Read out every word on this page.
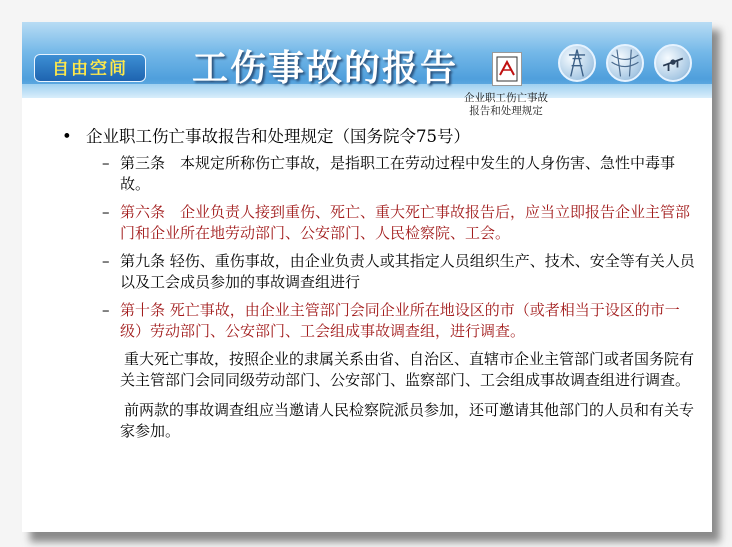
自由空间	工伤事故的报告
企业职工伤亡事故
报告和处理规定
• 企业职工伤亡事故报告和处理规定（国务院令75号）
– 第三条　本规定所称伤亡事故，是指职工在劳动过程中发生的人身伤害、急性中毒事故。
– 第六条　企业负责人接到重伤、死亡、重大死亡事故报告后，应当立即报告企业主管部门和企业所在地劳动部门、公安部门、人民检察院、工会。
– 第九条 轻伤、重伤事故，由企业负责人或其指定人员组织生产、技术、安全等有关人员以及工会成员参加的事故调查组进行
– 第十条 死亡事故，由企业主管部门会同企业所在地设区的市（或者相当于设区的市一级）劳动部门、公安部门、工会组成事故调查组，进行调查。
重大死亡事故，按照企业的隶属关系由省、自治区、直辖市企业主管部门或者国务院有关主管部门会同同级劳动部门、公安部门、监察部门、工会组成事故调查组进行调查。
前两款的事故调查组应当邀请人民检察院派员参加，还可邀请其他部门的人员和有关专家参加。
